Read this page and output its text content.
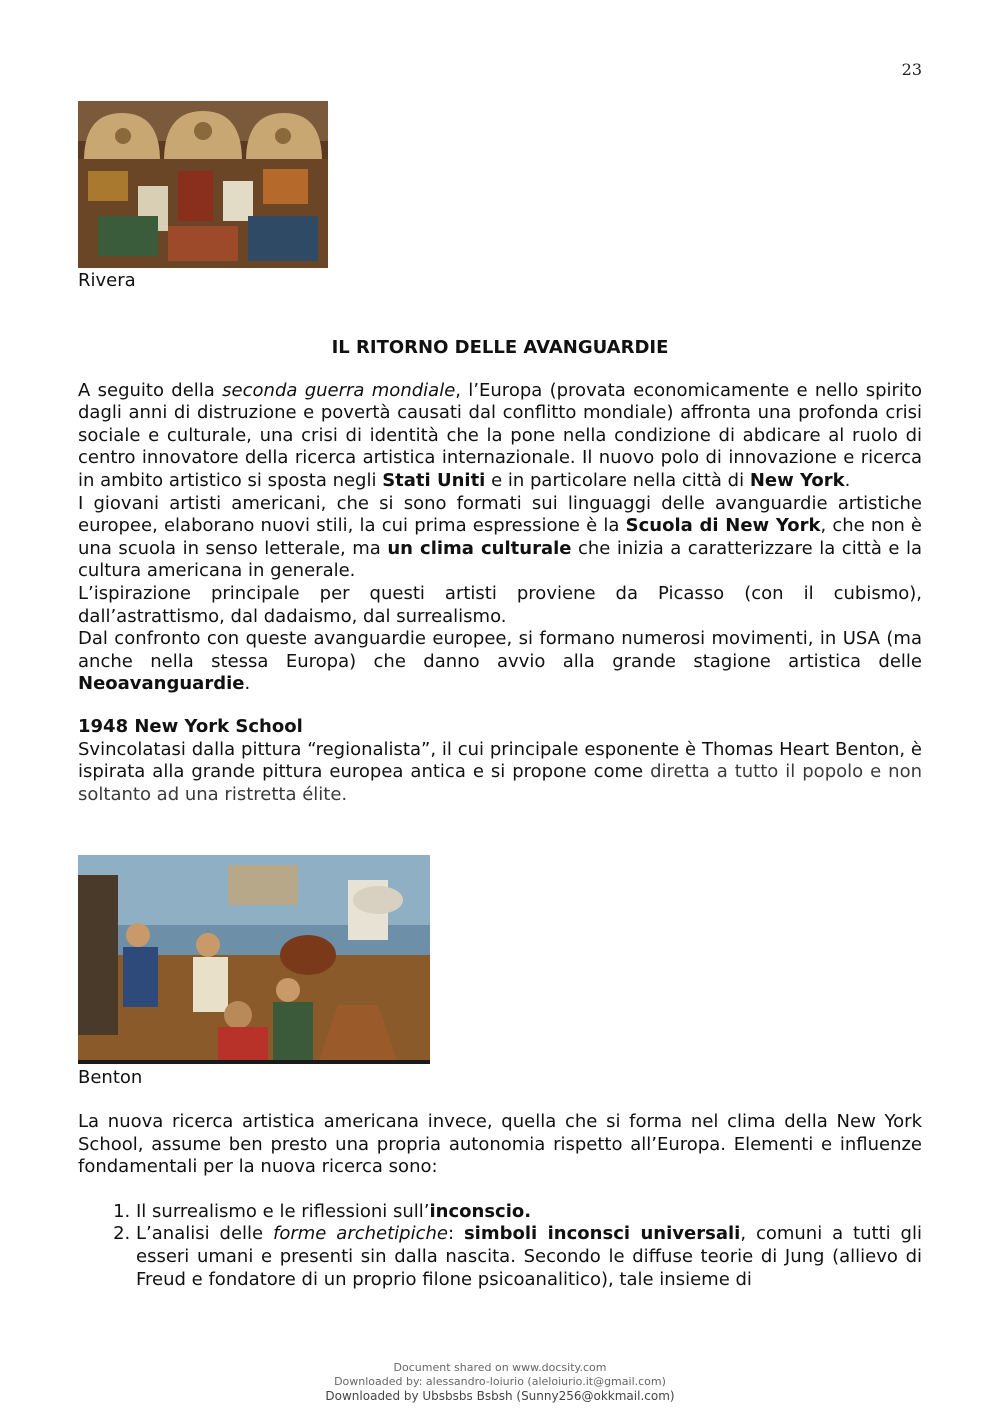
23
Rivera

IL RITORNO DELLE AVANGUARDIE

A seguito della seconda guerra mondiale, l’Europa (provata economicamente e nello spirito dagli anni di distruzione e povertà causati dal conflitto mondiale) affronta una profonda crisi sociale e culturale, una crisi di identità che la pone nella condizione di abdicare al ruolo di centro innovatore della ricerca artistica internazionale. Il nuovo polo di innovazione e ricerca in ambito artistico si sposta negli Stati Uniti e in particolare nella città di New York.

I giovani artisti americani, che si sono formati sui linguaggi delle avanguardie artistiche europee, elaborano nuovi stili, la cui prima espressione è la Scuola di New York, che non è una scuola in senso letterale, ma un clima culturale che inizia a caratterizzare la città e la cultura americana in generale.

L’ispirazione principale per questi artisti proviene da Picasso (con il cubismo), dall’astrattismo, dal dadaismo, dal surrealismo.

Dal confronto con queste avanguardie europee, si formano numerosi movimenti, in USA (ma anche nella stessa Europa) che danno avvio alla grande stagione artistica delle Neoavanguardie.

1948 New York School

Svincolatasi dalla pittura “regionalista”, il cui principale esponente è Thomas Heart Benton, è ispirata alla grande pittura europea antica e si propone come diretta a tutto il popolo e non soltanto ad una ristretta élite.

Benton

La nuova ricerca artistica americana invece, quella che si forma nel clima della New York School, assume ben presto una propria autonomia rispetto all’Europa. Elementi e influenze fondamentali per la nuova ricerca sono:

1. Il surrealismo e le riflessioni sull’inconscio.
2. L’analisi delle forme archetipiche: simboli inconsci universali, comuni a tutti gli esseri umani e presenti sin dalla nascita. Secondo le diffuse teorie di Jung (allievo di Freud e fondatore di un proprio filone psicoanalitico), tale insieme di
Document shared on www.docsity.com
Downloaded by: alessandro-loiurio (aleloiurio.it@gmail.com)
Downloaded by Ubsbsbs Bsbsh (Sunny256@okkmail.com)
